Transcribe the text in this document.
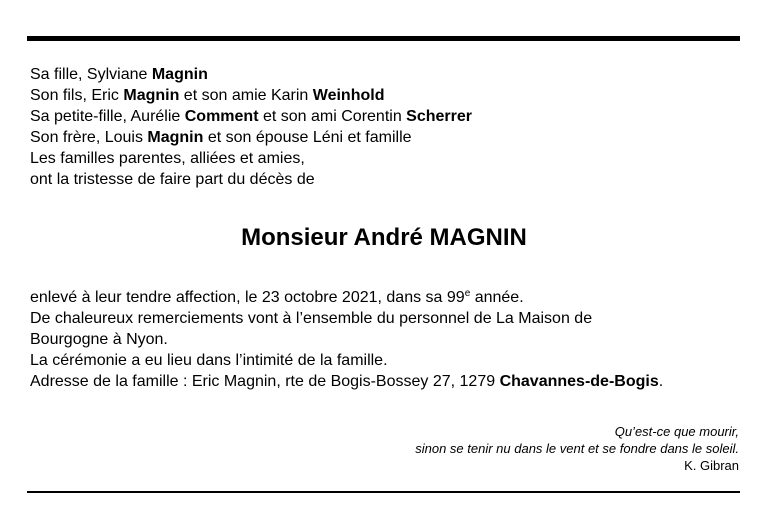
Sa fille, Sylviane Magnin
Son fils, Eric Magnin et son amie Karin Weinhold
Sa petite-fille, Aurélie Comment et son ami Corentin Scherrer
Son frère, Louis Magnin et son épouse Léni et famille
Les familles parentes, alliées et amies,
ont la tristesse de faire part du décès de
Monsieur André MAGNIN
enlevé à leur tendre affection, le 23 octobre 2021, dans sa 99e année.
De chaleureux remerciements vont à l’ensemble du personnel de La Maison de
Bourgogne à Nyon.
La cérémonie a eu lieu dans l’intimité de la famille.
Adresse de la famille : Eric Magnin, rte de Bogis-Bossey 27, 1279 Chavannes-de-Bogis.
Qu’est-ce que mourir,
sinon se tenir nu dans le vent et se fondre dans le soleil.
K. Gibran
